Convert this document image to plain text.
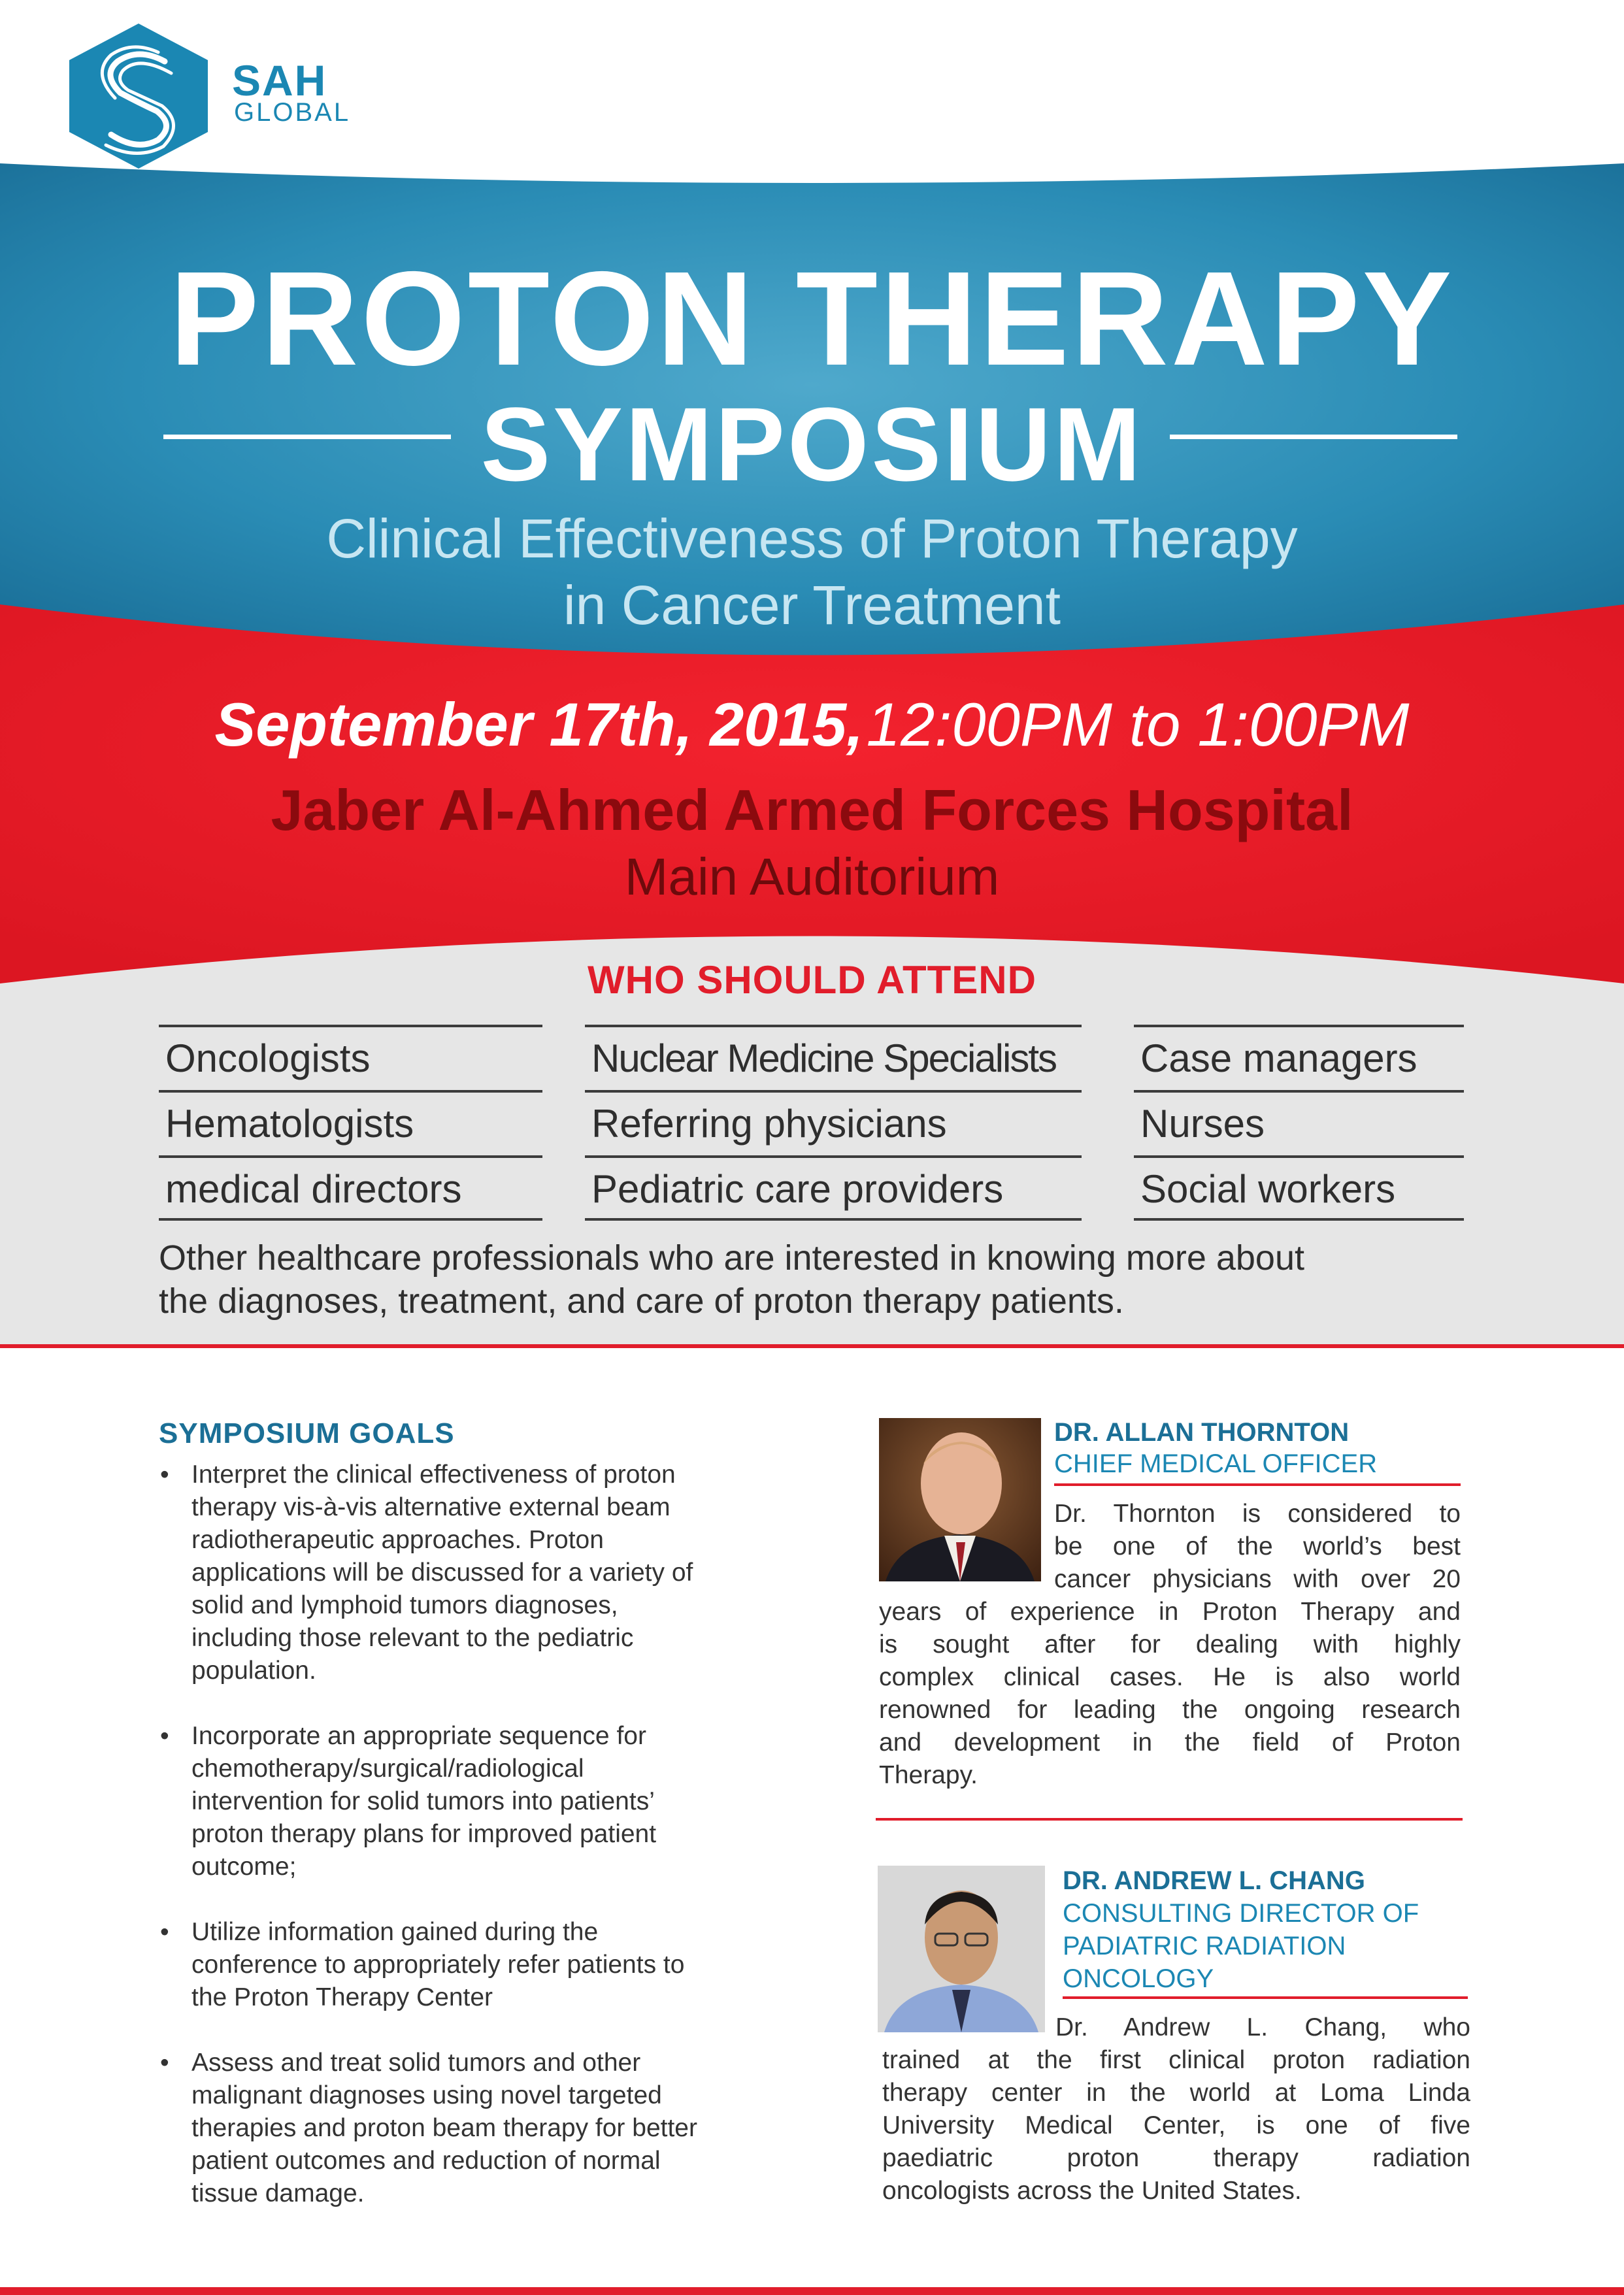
SAH
GLOBAL
PROTON THERAPY
SYMPOSIUM
Clinical Effectiveness of Proton Therapy
in Cancer Treatment
September 17th, 2015, 12:00PM to 1:00PM
Jaber Al-Ahmed Armed Forces Hospital
Main Auditorium
WHO SHOULD ATTEND
Oncologists
Hematologists
medical directors
Nuclear Medicine Specialists
Referring physicians
Pediatric care providers
Case managers
Nurses
Social workers
Other healthcare professionals who are interested in knowing more about
the diagnoses, treatment, and care of proton therapy patients.
SYMPOSIUM GOALS
• Interpret the clinical effectiveness of proton
therapy vis-à-vis alternative external beam
radiotherapeutic approaches. Proton
applications will be discussed for a variety of
solid and lymphoid tumors diagnoses,
including those relevant to the pediatric
population.
• Incorporate an appropriate sequence for
chemotherapy/surgical/radiological
intervention for solid tumors into patients’
proton therapy plans for improved patient
outcome;
• Utilize information gained during the
conference to appropriately refer patients to
the Proton Therapy Center
• Assess and treat solid tumors and other
malignant diagnoses using novel targeted
therapies and proton beam therapy for better
patient outcomes and reduction of normal
tissue damage.
DR. ALLAN THORNTON
CHIEF MEDICAL OFFICER
Dr. Thornton is considered to
be one of the world’s best
cancer physicians with over 20
years of experience in Proton Therapy and
is sought after for dealing with highly
complex clinical cases. He is also world
renowned for leading the ongoing research
and development in the field of Proton
Therapy.
DR. ANDREW L. CHANG
CONSULTING DIRECTOR OF
PADIATRIC RADIATION
ONCOLOGY
Dr. Andrew L. Chang, who
trained at the first clinical proton radiation
therapy center in the world at Loma Linda
University Medical Center, is one of five
paediatric proton therapy radiation
oncologists across the United States.
